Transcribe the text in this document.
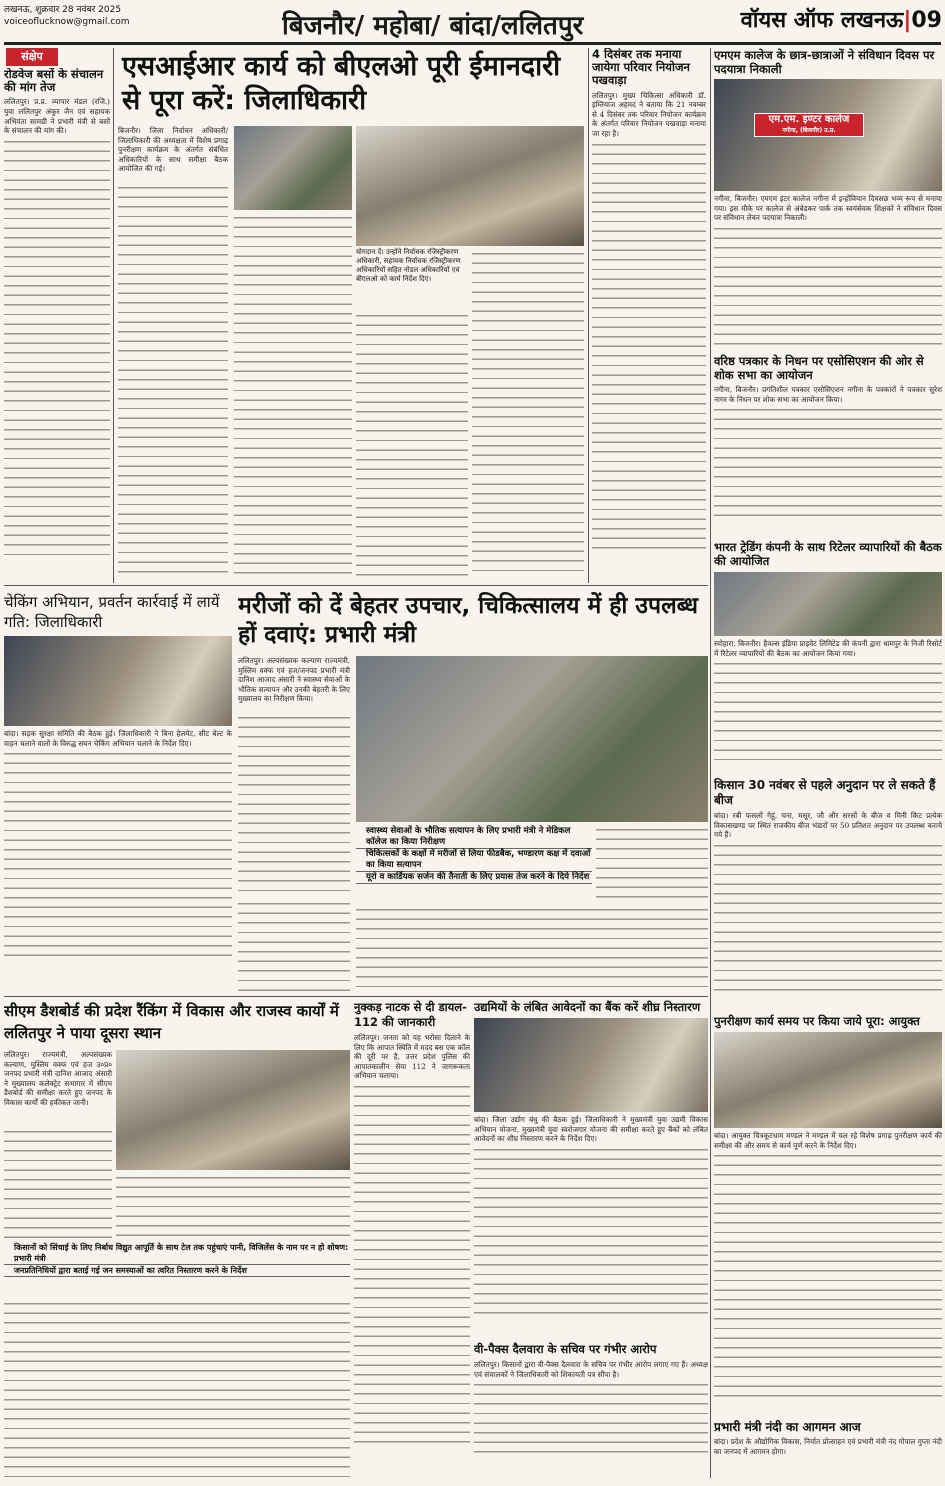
लखनऊ, शुक्रवार 28 नवंबर 2025
voiceoflucknow@gmail.com	बिजनौर/ महोबा/ बांदा/ललितपुर	वॉयस ऑफ लखनऊ|09
संक्षेप
रोडवेज बसों के संचालन की मांग तेज
ललितपुर। प्र.प्र. व्यापार मंडल (रजि.) युवा ललितपुर अंकुर जैन एवं सहायक अभियंता सामग्री ने प्रभारी मंत्री से बसों के संचालन की मांग की।
एसआईआर कार्य को बीएलओ पूरी ईमानदारी से पूरा करें: जिलाधिकारी
बिजनौर। जिला निर्वाचन अधिकारी/जिलाधिकारी की अध्यक्षता में विशेष प्रगाढ़ पुनरीक्षण कार्यक्रम के अंतर्गत संबंधित अधिकारियों के साथ समीक्षा बैठक आयोजित की गई।
योगदान दें। उन्होंने निर्वाचक रजिस्ट्रीकरण अधिकारी, सहायक निर्वाचक रजिस्ट्रीकरण अधिकारियों सहित नोडल अधिकारियों एवं बीएलओ को कार्य निर्देश दिए।
4 दिसंबर तक मनाया जायेगा परिवार नियोजन पखवाड़ा
ललितपुर। मुख्य चिकित्सा अधिकारी डॉ. इम्तियाज अहमद ने बताया कि 21 नवम्बर से 4 दिसंबर तक परिवार नियोजन कार्यक्रम के अंतर्गत परिवार नियोजन पखवाड़ा मनाया जा रहा है।
एमएम कालेज के छात्र-छात्राओं ने संविधान दिवस पर पदयात्रा निकाली
एम.एम. इण्टर कालेज
नगीना, (बिजनौर) उ.प्र.
नगीना, बिजनौर। एमएम इंटर कालेज नगीना में इन्होंवियान दिवसछ भव्य रूप से मनाया गया। इस मौके पर कालेज से अंबेडकर पार्क तक स्वयंसेवक शिक्षकों ने संविधान दिवस पर संविधान लेकर पदयात्रा निकाली।
वरिष्ठ पत्रकार के निधन पर एसोसिएशन की ओर से शोक सभा का आयोजन
नगीना, बिजनौर। प्रगतिशील पत्रकार एसोसिएशन नगीना के पत्रकारों ने पत्रकार सुरेश नागर के निधन पर शोक सभा का आयोजन किया।
भारत ट्रेडिंग कंपनी के साथ रिटेलर व्यापारियों की बैठक की आयोजित
स्योहारा, बिजनौर। हैवल्स इंडिया प्राइवेट लिमिटेड की कंपनी द्वारा धामपुर के निजी रिसोर्ट में रिटेलर व्यापारियों की बैठक का आयोजन किया गया।
किसान 30 नवंबर से पहले अनुदान पर ले सकते हैं बीज
बांदा। रबी फसलों गेहूं, चना, मसूर, जौ और सरसों के बीज व मिनी किट प्रत्येक विकासखण्ड पर स्थित राजकीय बीज भंडारों पर 50 प्रतिशत अनुदान पर उपलब्ध कराये गये हैं।
पुनरीक्षण कार्य समय पर किया जाये पूरा: आयुक्त
बांदा। आयुक्त चित्रकूटधाम मण्डल ने मण्डल में चल रहे विशेष प्रगाढ़ पुनरीक्षण कार्य की समीक्षा की और समय से कार्य पूर्ण करने के निर्देश दिए।
प्रभारी मंत्री नंदी का आगमन आज
बांदा। प्रदेश के औद्योगिक विकास, निर्यात प्रोत्साहन एवं प्रभारी मंत्री नंद गोपाल गुप्ता नंदी का जनपद में आगमन होगा।
चेकिंग अभियान, प्रवर्तन कार्रवाई में लायें गति: जिलाधिकारी
बांदा। सड़क सुरक्षा समिति की बैठक हुई। जिलाधिकारी ने बिना हेलमेट, सीट बेल्ट के वाहन चलाने वालों के विरुद्ध सघन चेकिंग अभियान चलाने के निर्देश दिए।
मरीजों को दें बेहतर उपचार, चिकित्सालय में ही उपलब्ध हों दवाएं: प्रभारी मंत्री
ललितपुर। अल्पसंख्यक कल्याण राज्यमंत्री, मुस्लिम वक्फ एवं हज/जनपद प्रभारी मंत्री दानिश आजाद अंसारी ने स्वास्थ्य सेवाओं के भौतिक सत्यापन और उनकी बेहतरी के लिए मुख्यालय का निरीक्षण किया।
स्वास्थ्य सेवाओं के भौतिक सत्यापन के लिए प्रभारी मंत्री ने मेडिकल कॉलेज का किया निरीक्षण
चिकित्सकों के कक्षों में मरीजों से लिया फीडबैक, भण्डारण कक्ष में दवाओं का किया सत्यापन
यूरो व कार्डियक सर्जन की तैनाती के लिए प्रयास तेज करने के दिये निर्देश
सीएम डैशबोर्ड की प्रदेश रैंकिंग में विकास और राजस्व कार्यों में ललितपुर ने पाया दूसरा स्थान
ललितपुर। राज्यमंत्री, अल्पसंख्यक कल्याण, मुस्लिम वक्फ एवं हज उ०प्र० जनपद प्रभारी मंत्री दानिश आजाद अंसारी ने मुख्यालय कलेक्ट्रेट सभागार में सीएम डैशबोर्ड की समीक्षा करते हुए जनपद के विकास कार्यों की हकीकत जानी।
किसानों को सिंचाई के लिए निर्बाध विद्युत आपूर्ति के साथ टेल तक पहुंचाएं पानी, विजिलेंस के नाम पर न हो शोषण: प्रभारी मंत्री
जनप्रतिनिधियों द्वारा बताई गई जन समस्याओं का त्वरित निस्तारण करने के निर्देश
नुक्कड़ नाटक से दी डायल- 112 की जानकारी
ललितपुर। जनता को यह भरोसा दिलाने के लिए कि आपात स्थिति में मदद बस एक कॉल की दूरी पर है, उत्तर प्रदेश पुलिस की आपातकालीन सेवा 112 ने जागरूकता अभियान चलाया।
उद्यमियों के लंबित आवेदनों का बैंक करें शीघ्र निस्तारण
बांदा। जिला उद्योग बंधु की बैठक हुई। जिलाधिकारी ने मुख्यमंत्री युवा उद्यमी विकास अभियान योजना, मुख्यमंत्री युवा स्वरोजगार योजना की समीक्षा करते हुए बैंकों को लंबित आवेदनों का शीघ्र निस्तारण करने के निर्देश दिए।
वी-पैक्स दैलवारा के सचिव पर गंभीर आरोप
ललितपुर। किसानों द्वारा वी-पैक्स दैलवारा के सचिव पर गंभीर आरोप लगाए गए हैं। अध्यक्ष एवं संचालकों ने जिलाधिकारी को शिकायती पत्र सौंपा है।
